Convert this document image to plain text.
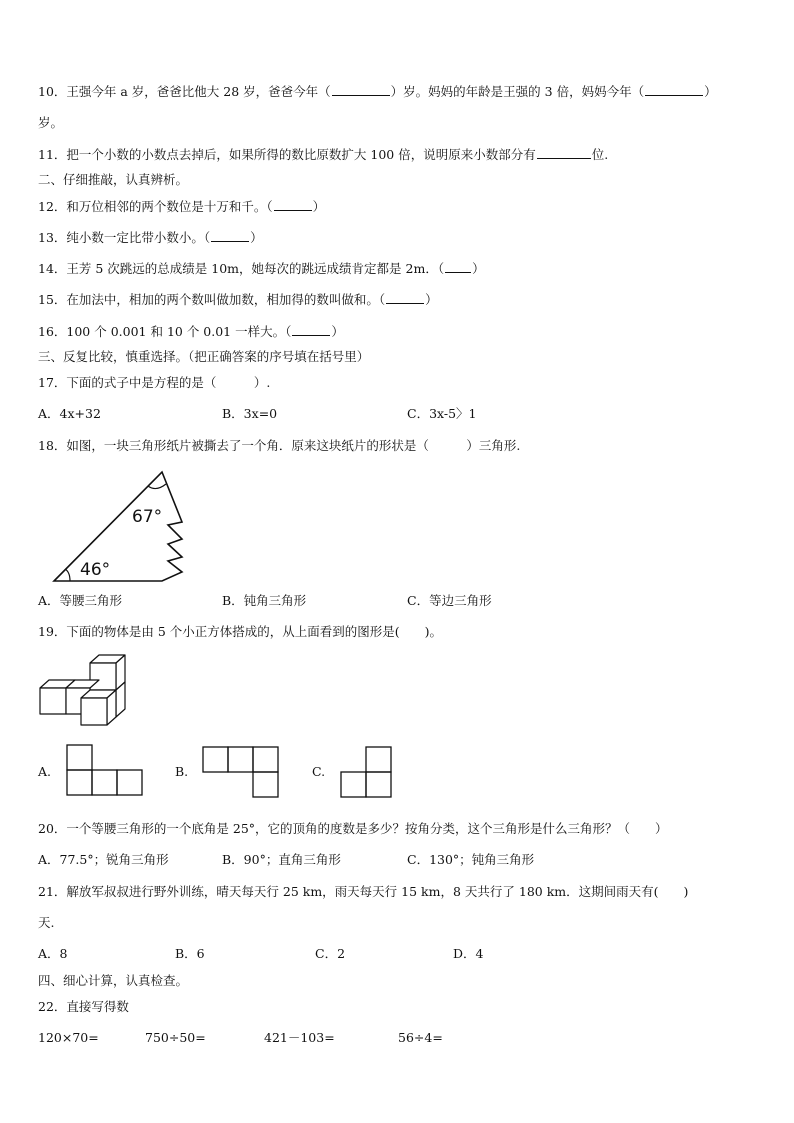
10．王强今年 a 岁，爸爸比他大 28 岁，爸爸今年（	）岁。妈妈的年龄是王强的 3 倍，妈妈今年（	）
岁。
11．把一个小数的小数点去掉后，如果所得的数比原数扩大 100 倍，说明原来小数部分有	位.
二、仔细推敲，认真辨析。
12．和万位相邻的两个数位是十万和千。（	）
13．纯小数一定比带小数小。（	）
14．王芳 5 次跳远的总成绩是 10m，她每次的跳远成绩肯定都是 2m．（ ）
15．在加法中，相加的两个数叫做加数，相加得的数叫做和。（	）
16．100 个 0.001 和 10 个 0.01 一样大。（	）
三、反复比较，慎重选择。（把正确答案的序号填在括号里）
17．下面的式子中是方程的是（　　　）.
A．4x+32	B．3x=0	C．3x-5〉1
18．如图，一块三角形纸片被撕去了一个角．原来这块纸片的形状是（　　　）三角形.
67°
46°
A．等腰三角形	B．钝角三角形	C．等边三角形
19．下面的物体是由 5 个小正方体搭成的，从上面看到的图形是(　　)。
A.	B.	C.
20．一个等腰三角形的一个底角是 25°，它的顶角的度数是多少？按角分类，这个三角形是什么三角形？（　　）
A．77.5°；锐角三角形	B．90°；直角三角形	C．130°；钝角三角形
21．解放军叔叔进行野外训练，晴天每天行 25 km，雨天每天行 15 km，8 天共行了 180 km．这期间雨天有(　　)
天.
A．8	B．6	C．2	D．4
四、细心计算，认真检查。
22．直接写得数
120×70=	750÷50=	421－103=	56÷4=
